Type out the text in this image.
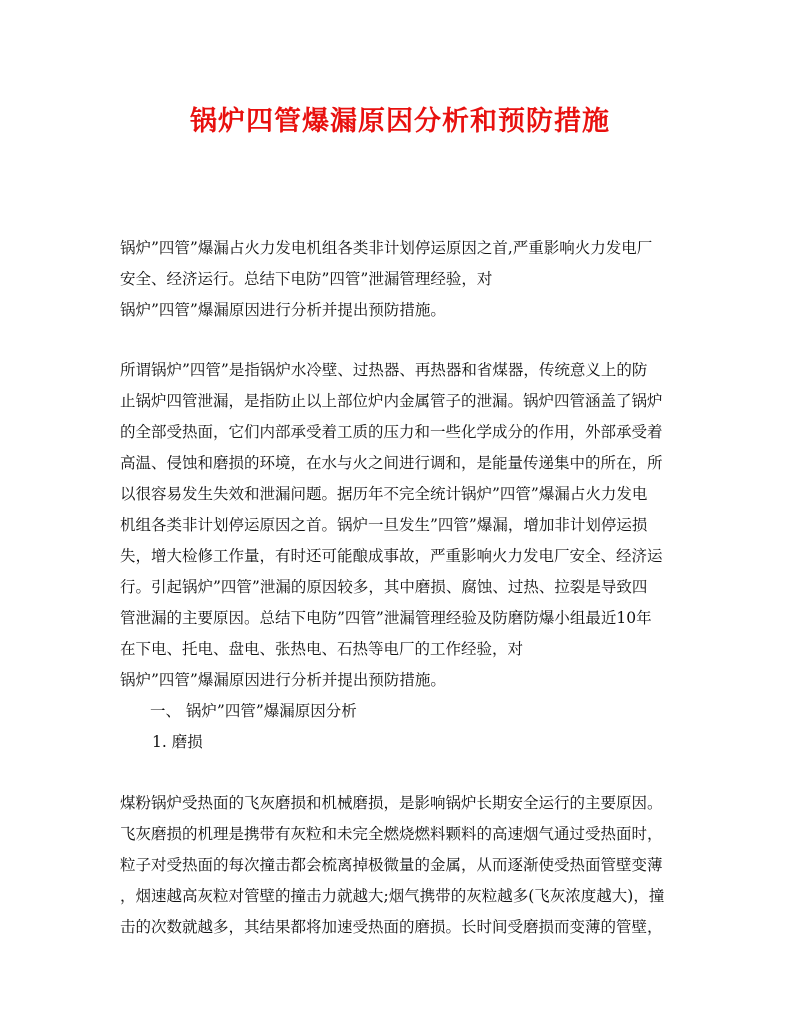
锅炉四管爆漏原因分析和预防措施
锅炉”四管”爆漏占火力发电机组各类非计划停运原因之首,严重影响火力发电厂
安全、经济运行。总结下电防”四管”泄漏管理经验，对
锅炉”四管”爆漏原因进行分析并提出预防措施。
所谓锅炉”四管”是指锅炉水冷壁、过热器、再热器和省煤器，传统意义上的防
止锅炉四管泄漏，是指防止以上部位炉内金属管子的泄漏。锅炉四管涵盖了锅炉
的全部受热面，它们内部承受着工质的压力和一些化学成分的作用，外部承受着
高温、侵蚀和磨损的环境，在水与火之间进行调和，是能量传递集中的所在，所
以很容易发生失效和泄漏问题。据历年不完全统计锅炉”四管”爆漏占火力发电
机组各类非计划停运原因之首。锅炉一旦发生”四管”爆漏，增加非计划停运损
失，增大检修工作量，有时还可能酿成事故，严重影响火力发电厂安全、经济运
行。引起锅炉”四管”泄漏的原因较多，其中磨损、腐蚀、过热、拉裂是导致四
管泄漏的主要原因。总结下电防”四管”泄漏管理经验及防磨防爆小组最近10年
在下电、托电、盘电、张热电、石热等电厂的工作经验，对
锅炉”四管”爆漏原因进行分析并提出预防措施。
一、 锅炉”四管”爆漏原因分析
1. 磨损
煤粉锅炉受热面的飞灰磨损和机械磨损，是影响锅炉长期安全运行的主要原因。
飞灰磨损的机理是携带有灰粒和未完全燃烧燃料颗料的高速烟气通过受热面时，
粒子对受热面的每次撞击都会梳离掉极微量的金属，从而逐渐使受热面管壁变薄
，烟速越高灰粒对管壁的撞击力就越大;烟气携带的灰粒越多(飞灰浓度越大)，撞
击的次数就越多，其结果都将加速受热面的磨损。长时间受磨损而变薄的管壁，
